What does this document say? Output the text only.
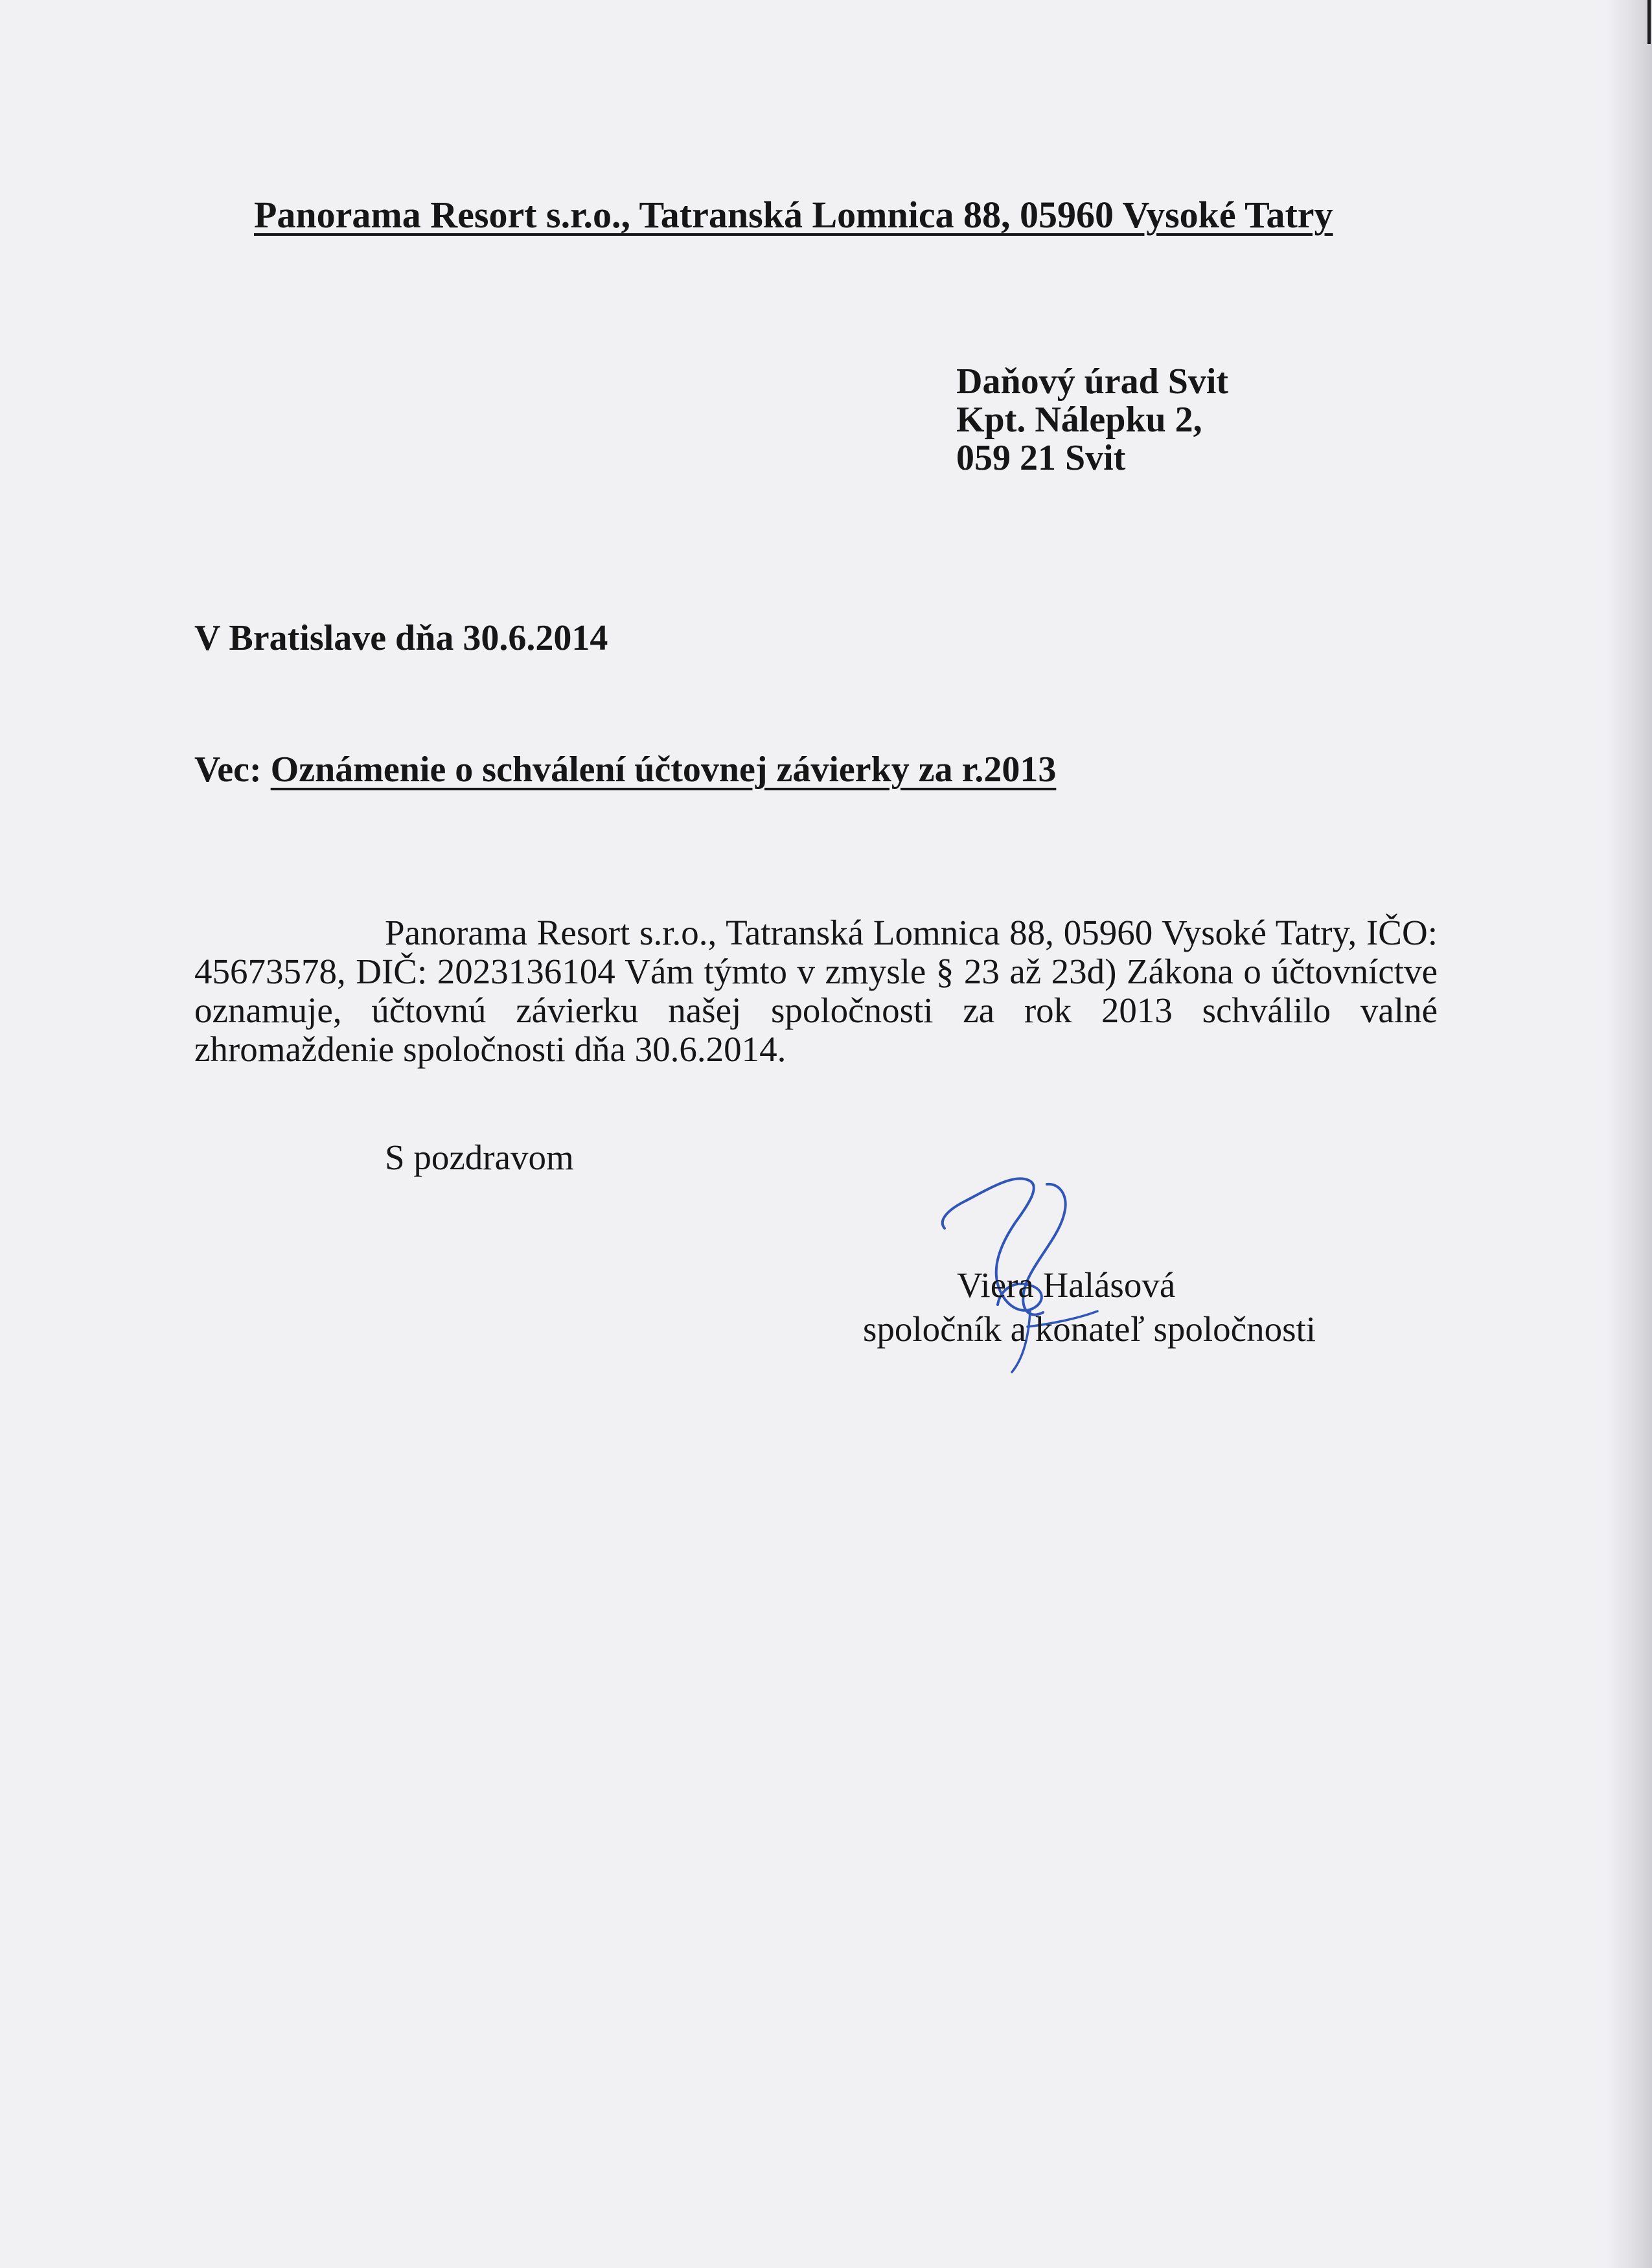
Panorama Resort s.r.o., Tatranská Lomnica 88, 05960 Vysoké Tatry
Daňový úrad Svit
Kpt. Nálepku 2,
059 21 Svit
V Bratislave dňa 30.6.2014
Vec: Oznámenie o schválení účtovnej závierky za r.2013
Panorama Resort s.r.o., Tatranská Lomnica 88, 05960 Vysoké Tatry, IČO: 45673578, DIČ: 2023136104 Vám týmto v zmysle § 23 až 23d) Zákona o účtovníctve oznamuje, účtovnú závierku našej spoločnosti za rok 2013 schválilo valné zhromaždenie spoločnosti dňa 30.6.2014.
S pozdravom
Viera Halásová
spoločník a konateľ spoločnosti
